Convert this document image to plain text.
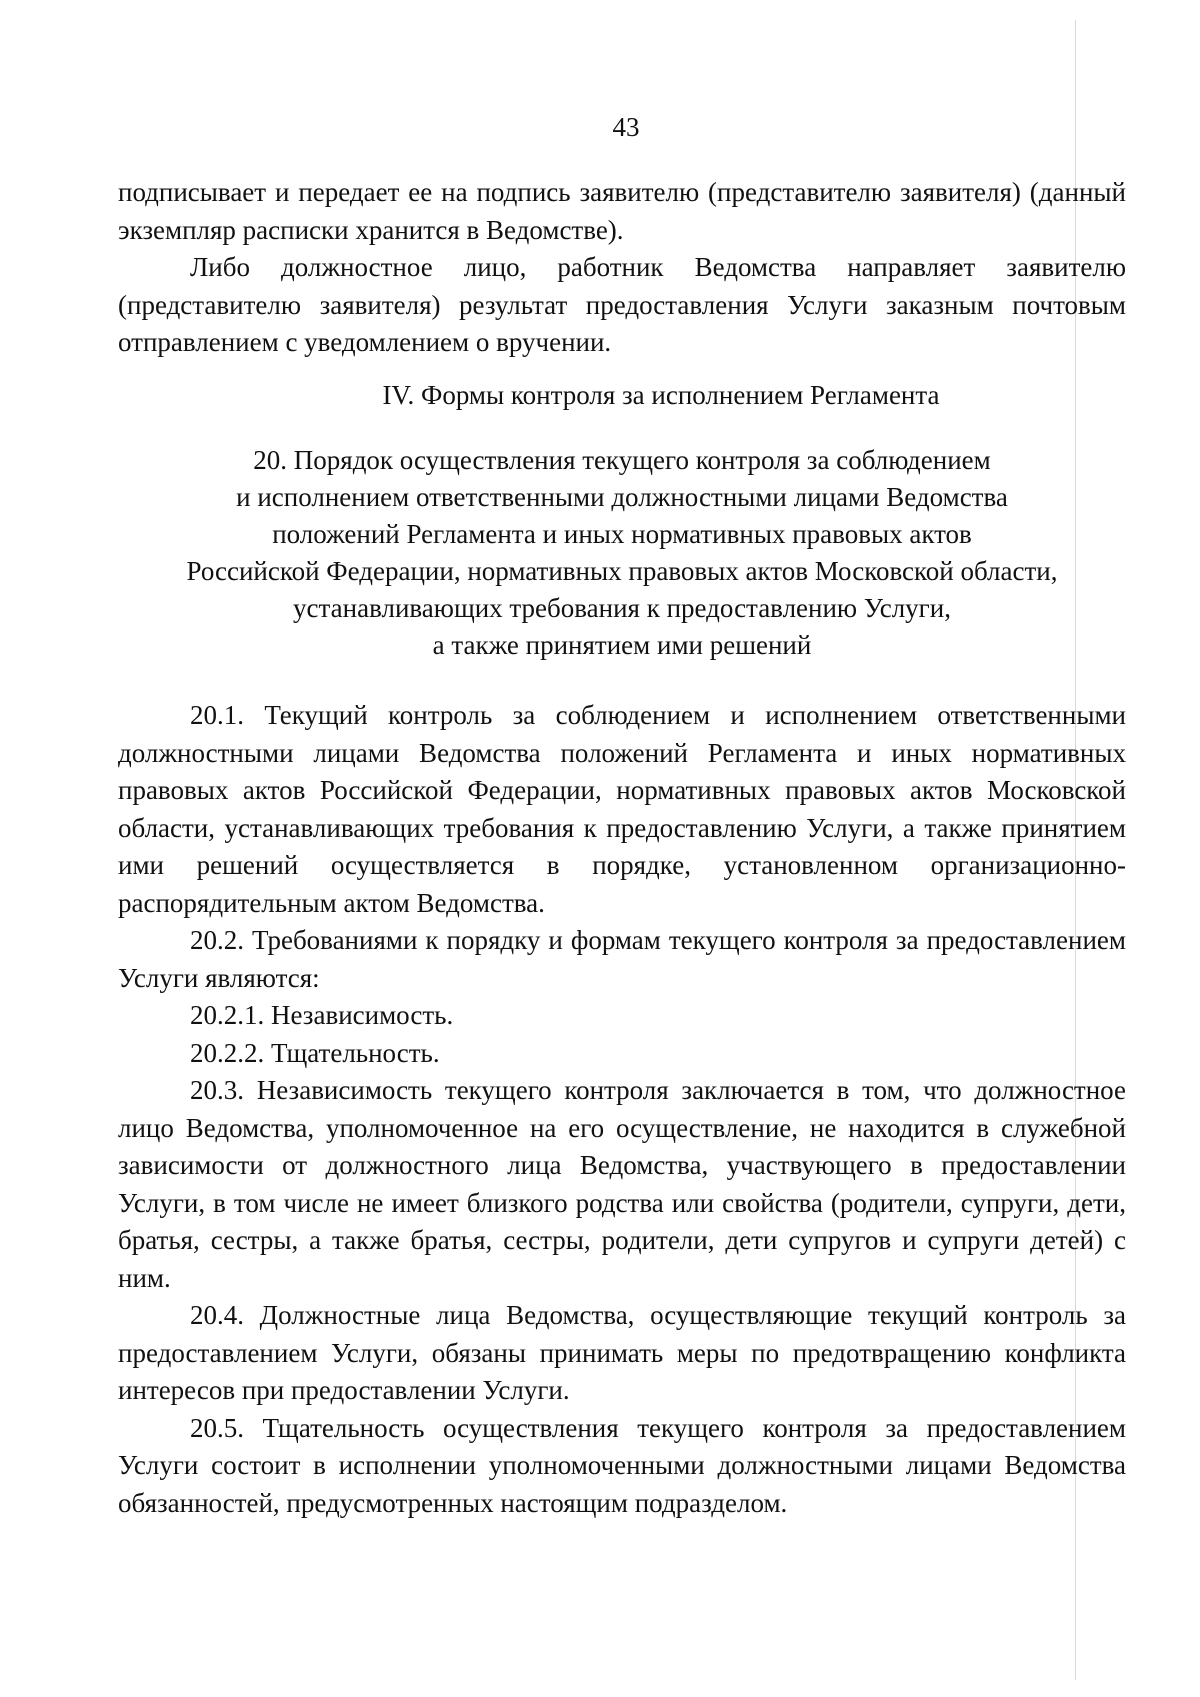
43

подписывает и передает ее на подпись заявителю (представителю заявителя) (данный экземпляр расписки хранится в Ведомстве).

Либо должностное лицо, работник Ведомства направляет заявителю (представителю заявителя) результат предоставления Услуги заказным почтовым отправлением с уведомлением о вручении.

IV. Формы контроля за исполнением Регламента

20. Порядок осуществления текущего контроля за соблюдением
и исполнением ответственными должностными лицами Ведомства
положений Регламента и иных нормативных правовых актов
Российской Федерации, нормативных правовых актов Московской области,
устанавливающих требования к предоставлению Услуги,
а также принятием ими решений

20.1. Текущий контроль за соблюдением и исполнением ответственными должностными лицами Ведомства положений Регламента и иных нормативных правовых актов Российской Федерации, нормативных правовых актов Московской области, устанавливающих требования к предоставлению Услуги, а также принятием ими решений осуществляется в порядке, установленном организационно-распорядительным актом Ведомства.

20.2. Требованиями к порядку и формам текущего контроля за предоставлением Услуги являются:

20.2.1. Независимость.

20.2.2. Тщательность.

20.3. Независимость текущего контроля заключается в том, что должностное лицо Ведомства, уполномоченное на его осуществление, не находится в служебной зависимости от должностного лица Ведомства, участвующего в предоставлении Услуги, в том числе не имеет близкого родства или свойства (родители, супруги, дети, братья, сестры, а также братья, сестры, родители, дети супругов и супруги детей) с ним.

20.4. Должностные лица Ведомства, осуществляющие текущий контроль за предоставлением Услуги, обязаны принимать меры по предотвращению конфликта интересов при предоставлении Услуги.

20.5. Тщательность осуществления текущего контроля за предоставлением Услуги состоит в исполнении уполномоченными должностными лицами Ведомства обязанностей, предусмотренных настоящим подразделом.
